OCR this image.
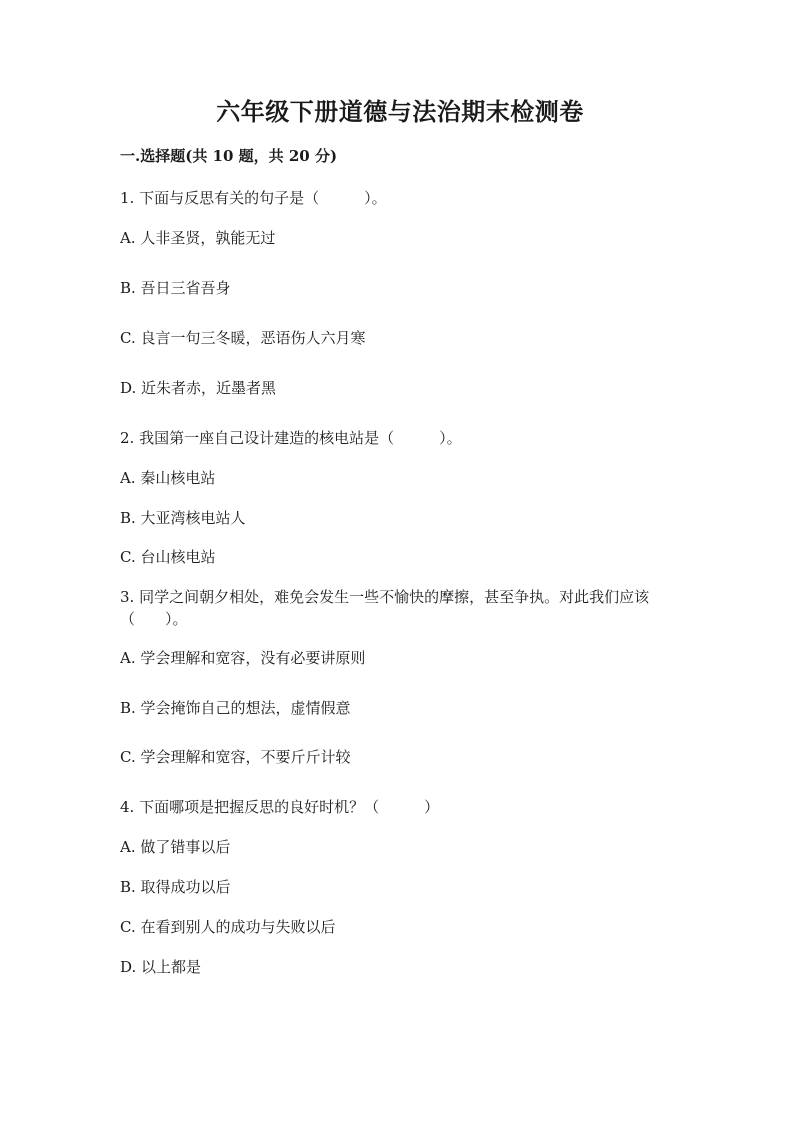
六年级下册道德与法治期末检测卷
一.选择题(共 10 题，共 20 分)
1. 下面与反思有关的句子是（　　　）。
A. 人非圣贤，孰能无过
B. 吾日三省吾身
C. 良言一句三冬暖，恶语伤人六月寒
D. 近朱者赤，近墨者黑
2. 我国第一座自己设计建造的核电站是（　　　）。
A. 秦山核电站
B. 大亚湾核电站人
C. 台山核电站
3. 同学之间朝夕相处，难免会发生一些不愉快的摩擦，甚至争执。对此我们应该（　　）。
A. 学会理解和宽容，没有必要讲原则
B. 学会掩饰自己的想法，虚情假意
C. 学会理解和宽容，不要斤斤计较
4. 下面哪项是把握反思的良好时机？（　　　）
A. 做了错事以后
B. 取得成功以后
C. 在看到别人的成功与失败以后
D. 以上都是
